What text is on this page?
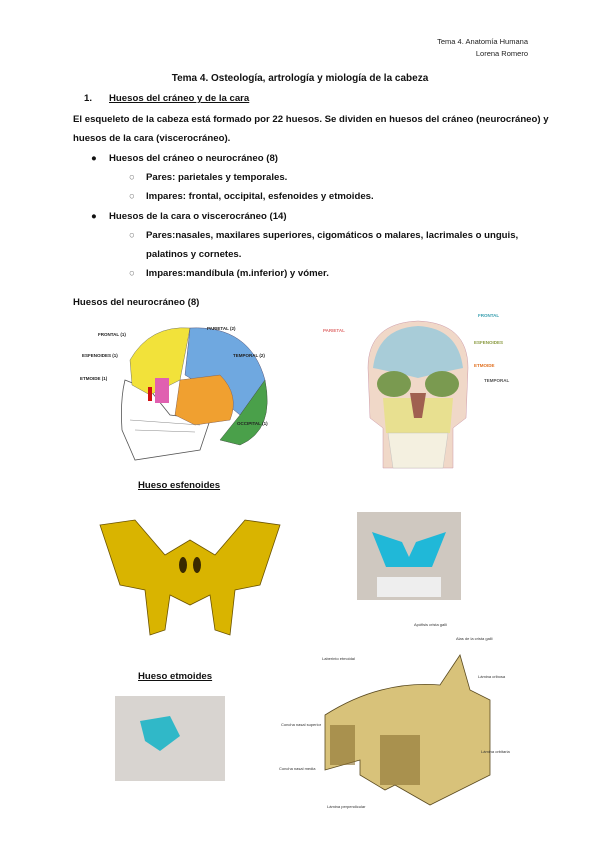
Tema 4. Anatomía Humana
Lorena Romero
Tema 4. Osteología, artrología y miología de la cabeza
1. Huesos del cráneo y de la cara
El esqueleto de la cabeza está formado por 22 huesos. Se dividen en huesos del cráneo (neurocráneo) y
huesos de la cara (viscerocráneo).
● Huesos del cráneo o neurocráneo (8)
○ Pares: parietales y temporales.
○ Impares: frontal, occipital, esfenoides y etmoides.
● Huesos de la cara o viscerocráneo (14)
○ Pares:nasales, maxilares superiores, cigomáticos o malares, lacrimales o unguis,
palatinos y cornetes.
○ Impares:mandíbula (m.inferior) y vómer.
Huesos del neurocráneo (8)
FRONTAL (1)
PARIETAL (2)
ESFENOIDES (1)	TEMPORAL (2)
ETMOIDE (1)
OCCIPITAL (1)
FRONTAL
PARIETAL
ESFENOIDES
ETMOIDE
TEMPORAL
Hueso esfenoides
Hueso etmoides
Apófisis crista galli
Alas de la crista galli
Laberinto etmoidal
Lámina cribosa
Concha nasal superior
Lámina orbitaria
Concha nasal media
Lámina perpendicular
